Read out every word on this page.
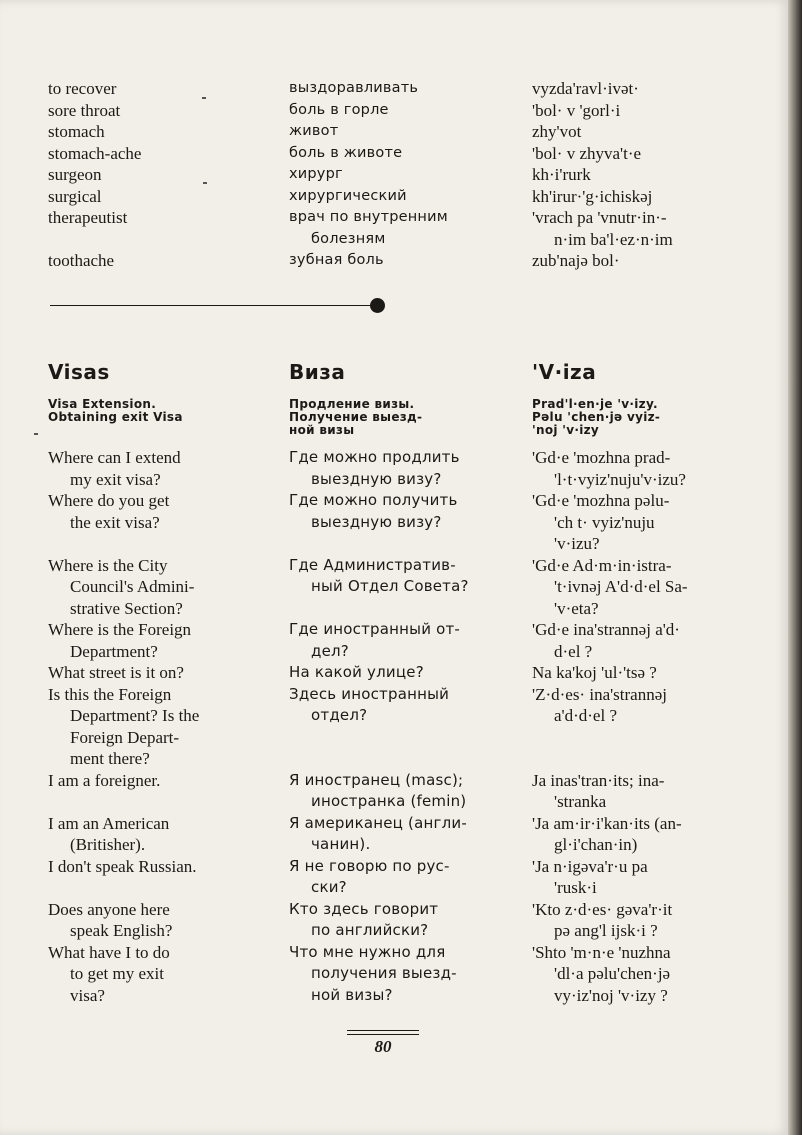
to recover
sore throat
stomach
stomach-ache
surgeon
surgical
therapeutist
toothache
выздоравливать
боль в горле
живот
боль в животе
хирург
хирургический
врач по внутренним
болезням
зубная боль
vyzda'ravl·ivət·
'bol· v 'gorl·i
zhy'vot
'bol· v zhyva't·e
kh·i'rurk
kh'irur·'g·ichiskəj
'vrach pa 'vnutr·in·-
n·im ba'l·ez·n·im
zub'najə bol·
Visas
Visa Extension.
Obtaining exit Visa
Виза
Продление визы.
Получение выезд-
ной визы
'V·iza
Prad'l·en·je 'v·izy.
Pəlu 'chen·jə vyiz-
'noj 'v·izy
Where can I extend
my exit visa?
Where do you get
the exit visa?
Where is the City
Council's Admini-
strative Section?
Where is the Foreign
Department?
What street is it on?
Is this the Foreign
Department? Is the
Foreign Depart-
ment there?
I am a foreigner.
I am an American
(Britisher).
I don't speak Russian.
Does anyone here
speak English?
What have I to do
to get my exit
visa?
Где можно продлить
выездную визу?
Где можно получить
выездную визу?
Где Административ-
ный Отдел Совета?
Где иностранный от-
дел?
На какой улице?
Здесь иностранный
отдел?
Я иностранец (masc);
иностранка (femin)
Я американец (англи-
чанин).
Я не говорю по рус-
ски?
Кто здесь говорит
по английски?
Что мне нужно для
получения выезд-
ной визы?
'Gd·e 'mozhna prad-
'l·t·vyiz'nuju'v·izu?
'Gd·e 'mozhna pəlu-
'ch t· vyiz'nuju
'v·izu?
'Gd·e Ad·m·in·istra-
't·ivnəj A'd·d·el Sa-
'v·eta?
'Gd·e ina'strannəj a'd·
d·el ?
Na ka'koj 'ul·'tsə ?
'Z·d·es· ina'strannəj
a'd·d·el ?
Ja inas'tran·its; ina-
'stranka
'Ja am·ir·i'kan·its (an-
gl·i'chan·in)
'Ja n·igəva'r·u pa
'rusk·i
'Kto z·d·es· gəva'r·it
pə ang'l ijsk·i ?
'Shto 'm·n·e 'nuzhna
'dl·a pəlu'chen·jə
vy·iz'noj 'v·izy ?
80
